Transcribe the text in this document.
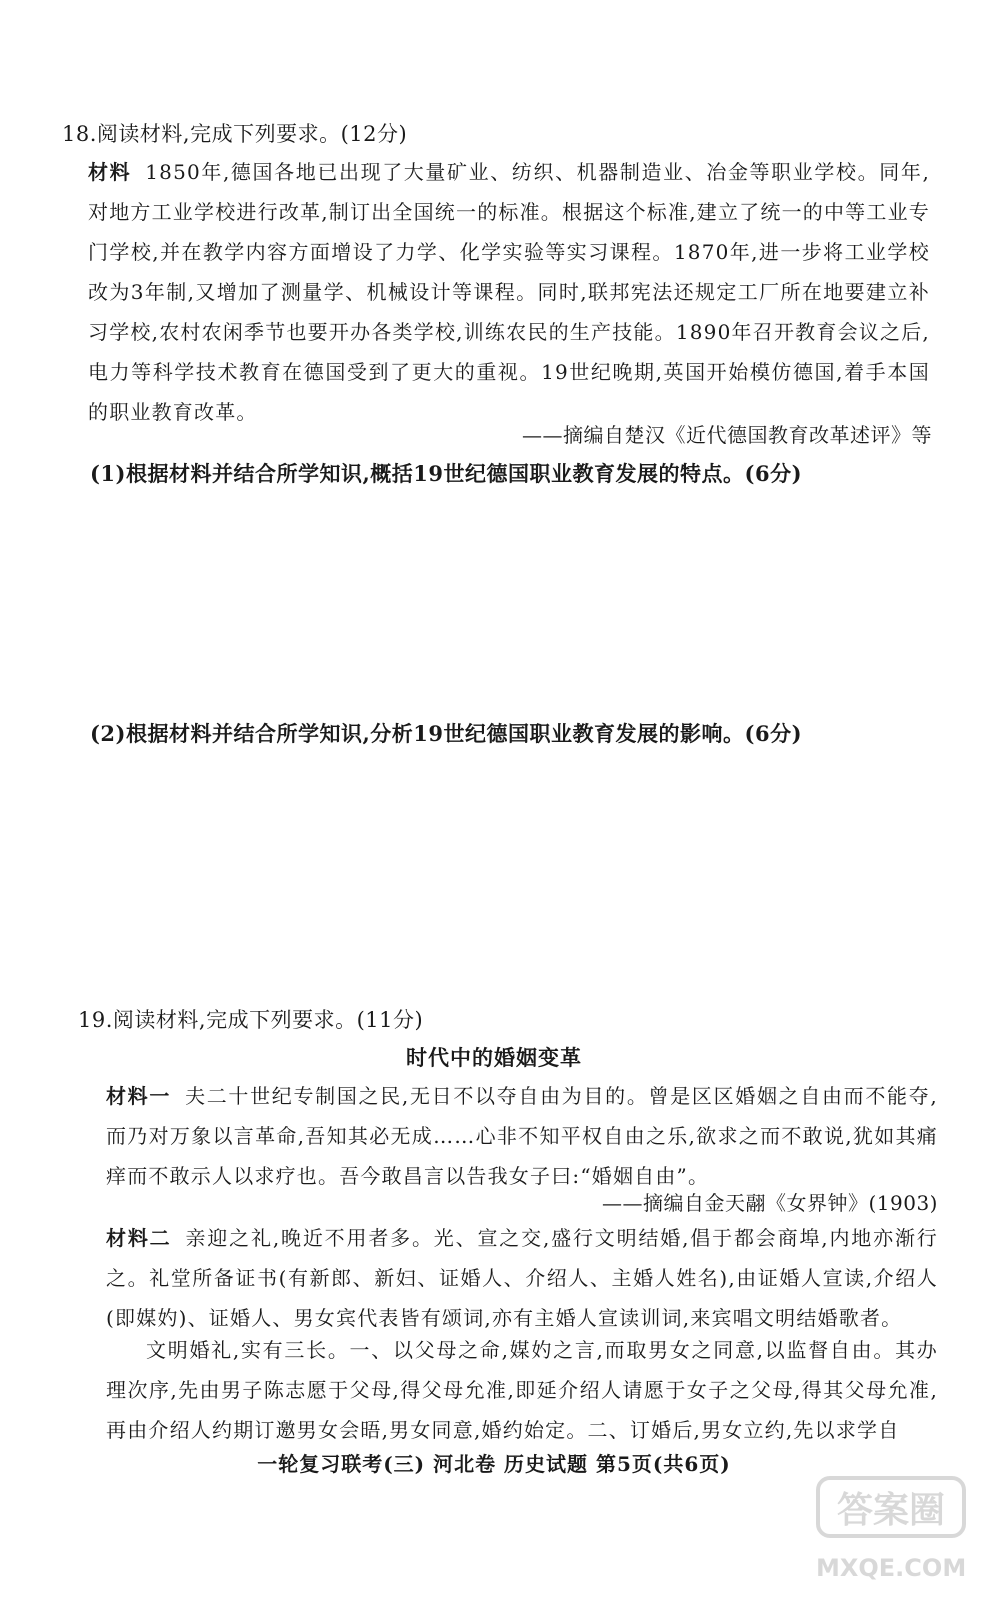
18.阅读材料,完成下列要求。(12分)
材料 1850年,德国各地已出现了大量矿业、纺织、机器制造业、冶金等职业学校。同年,对地方工业学校进行改革,制订出全国统一的标准。根据这个标准,建立了统一的中等工业专门学校,并在教学内容方面增设了力学、化学实验等实习课程。1870年,进一步将工业学校改为3年制,又增加了测量学、机械设计等课程。同时,联邦宪法还规定工厂所在地要建立补习学校,农村农闲季节也要开办各类学校,训练农民的生产技能。1890年召开教育会议之后,电力等科学技术教育在德国受到了更大的重视。19世纪晚期,英国开始模仿德国,着手本国的职业教育改革。
——摘编自楚汉《近代德国教育改革述评》等
(1)根据材料并结合所学知识,概括19世纪德国职业教育发展的特点。(6分)
(2)根据材料并结合所学知识,分析19世纪德国职业教育发展的影响。(6分)
19.阅读材料,完成下列要求。(11分)
时代中的婚姻变革
材料一 夫二十世纪专制国之民,无日不以夺自由为目的。曾是区区婚姻之自由而不能夺,而乃对万象以言革命,吾知其必无成……心非不知平权自由之乐,欲求之而不敢说,犹如其痛痒而不敢示人以求疗也。吾今敢昌言以告我女子曰:“婚姻自由”。
——摘编自金天翮《女界钟》(1903)
材料二 亲迎之礼,晚近不用者多。光、宣之交,盛行文明结婚,倡于都会商埠,内地亦渐行之。礼堂所备证书(有新郎、新妇、证婚人、介绍人、主婚人姓名),由证婚人宣读,介绍人(即媒妁)、证婚人、男女宾代表皆有颂词,亦有主婚人宣读训词,来宾唱文明结婚歌者。
文明婚礼,实有三长。一、以父母之命,媒妁之言,而取男女之同意,以监督自由。其办理次序,先由男子陈志愿于父母,得父母允准,即延介绍人请愿于女子之父母,得其父母允准,再由介绍人约期订邀男女会晤,男女同意,婚约始定。二、订婚后,男女立约,先以求学自
一轮复习联考(三) 河北卷 历史试题 第5页(共6页)
答案圈
MXQE.COM
